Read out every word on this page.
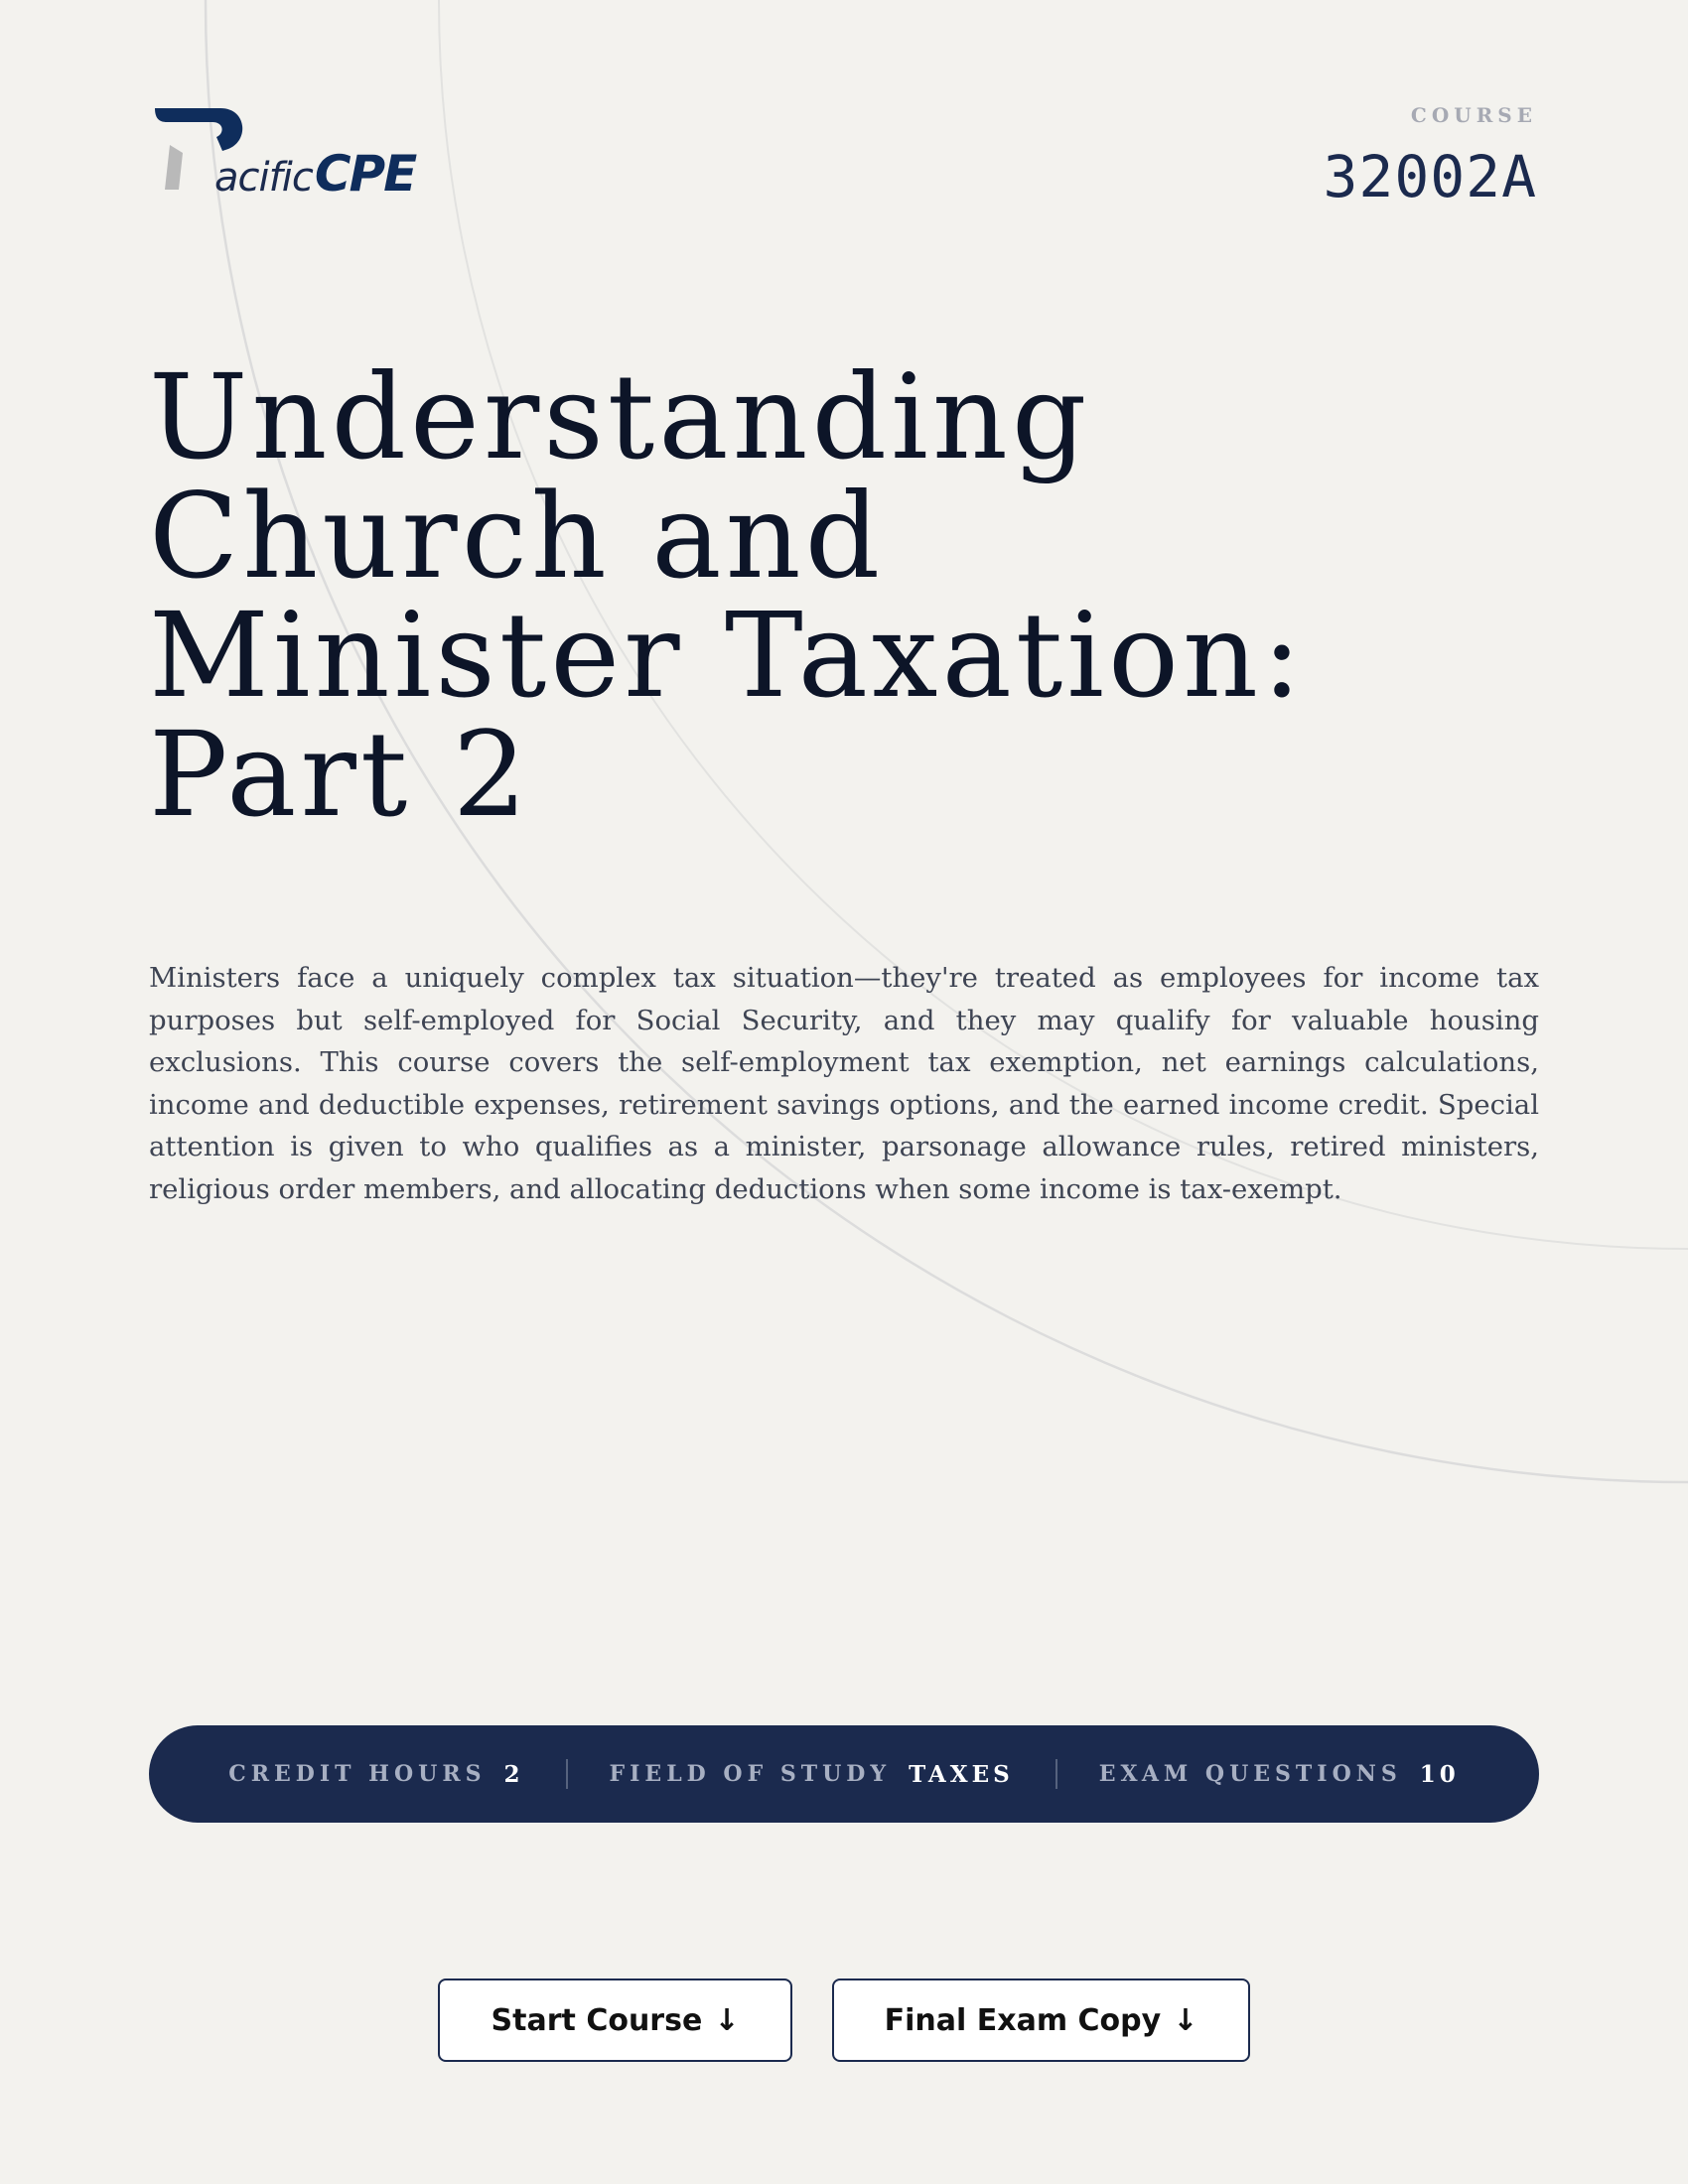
acificCPE
COURSE
32002A
Understanding
Church and
Minister Taxation:
Part 2

Ministers face a uniquely complex tax situation—they're treated as employees for income tax purposes but self-employed for Social Security, and they may qualify for valuable housing exclusions. This course covers the self-employment tax exemption, net earnings calculations, income and deductible expenses, retirement savings options, and the earned income credit. Special attention is given to who qualifies as a minister, parsonage allowance rules, retired ministers, religious order members, and allocating deductions when some income is tax-exempt.

CREDIT HOURS 2	FIELD OF STUDY TAXES	EXAM QUESTIONS 10
Start Course ↓	Final Exam Copy ↓
